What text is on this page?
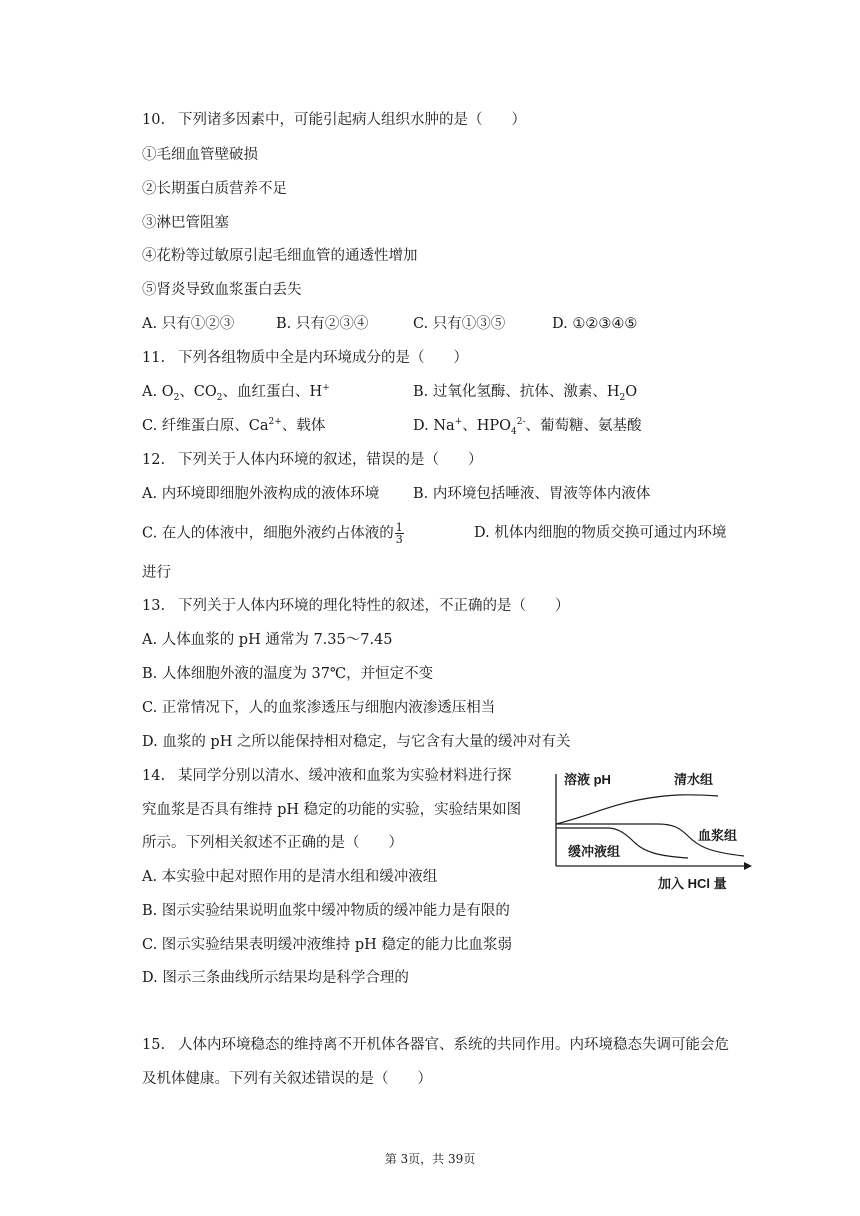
10. 下列诸多因素中，可能引起病人组织水肿的是（　　）
①毛细血管壁破损
②长期蛋白质营养不足
③淋巴管阻塞
④花粉等过敏原引起毛细血管的通透性增加
⑤肾炎导致血浆蛋白丢失
A. 只有①②③	B. 只有②③④	C. 只有①③⑤	D. ①②③④⑤
11. 下列各组物质中全是内环境成分的是（　　）
A. $O_2$、$CO_2$、血红蛋白、H+	B. 过氧化氢酶、抗体、激素、$H_2O$
C. 纤维蛋白原、$Ca^{2+}$、载体	D. Na+、$HPO_4^{2-}$、葡萄糖、氨基酸
12. 下列关于人体内环境的叙述，错误的是（　　）
A. 内环境即细胞外液构成的液体环境 B. 内环境包括唾液、胃液等体内液体
C. 在人的体液中，细胞外液约占体液的 $\frac{1}{3}$	D. 机体内细胞的物质交换可通过内环境
进行
13. 下列关于人体内环境的理化特性的叙述，不正确的是（　　）
A. 人体血浆的 pH 通常为 7.35～7.45
B. 人体细胞外液的温度为 37℃，并恒定不变
C. 正常情况下，人的血浆渗透压与细胞内液渗透压相当
D. 血浆的 pH 之所以能保持相对稳定，与它含有大量的缓冲对有关
14. 某同学分别以清水、缓冲液和血浆为实验材料进行探
究血浆是否具有维持 pH 稳定的功能的实验，实验结果如图
所示。下列相关叙述不正确的是（　　）
A. 本实验中起对照作用的是清水组和缓冲液组
B. 图示实验结果说明血浆中缓冲物质的缓冲能力是有限的
C. 图示实验结果表明缓冲液维持 pH 稳定的能力比血浆弱
D. 图示三条曲线所示结果均是科学合理的
溶液 pH	清水组
血浆组
缓冲液组
加入 HCl 量
15. 人体内环境稳态的维持离不开机体各器官、系统的共同作用。内环境稳态失调可能会危
及机体健康。下列有关叙述错误的是（　　）
第 3页，共 39页
